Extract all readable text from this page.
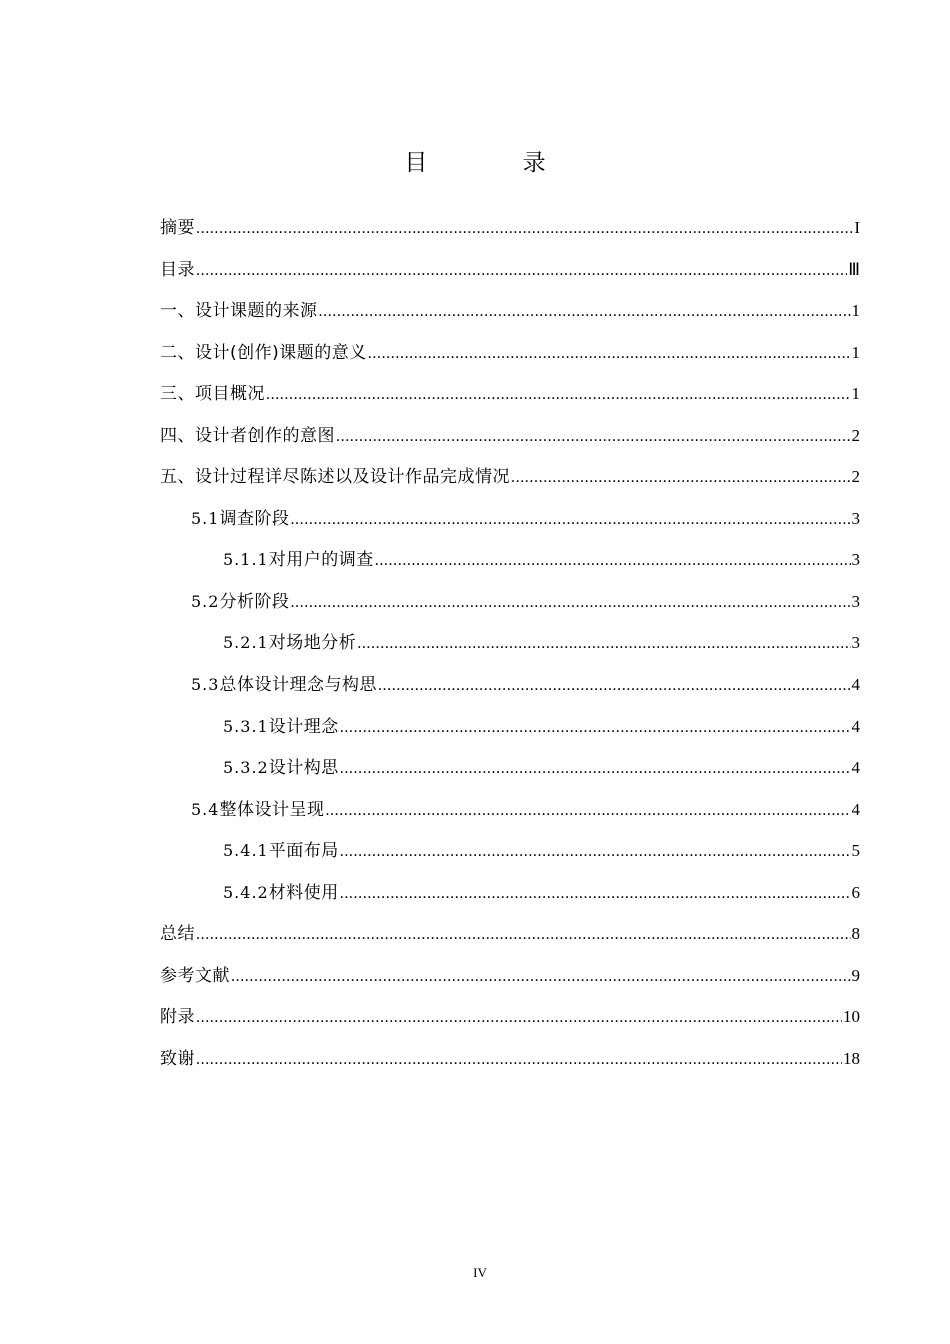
目 录
摘要 .....	I
目录 .....	Ⅲ
一、设计课题的来源 .....	1
二、设计(创作)课题的意义 .....	1
三、项目概况 .....	1
四、设计者创作的意图 .....	2
五、设计过程详尽陈述以及设计作品完成情况 .....	2
5.1 调查阶段 .....	3
5.1.1 对用户的调查 .....	3
5.2 分析阶段 .....	3
5.2.1 对场地分析 .....	3
5.3 总体设计理念与构思 .....	4
5.3.1 设计理念 .....	4
5.3.2 设计构思 .....	4
5.4 整体设计呈现 .....	4
5.4.1 平面布局 .....	5
5.4.2 材料使用 .....	6
总结 .....	8
参考文献 .....	9
附录 .....	10
致谢 .....	18
IV
